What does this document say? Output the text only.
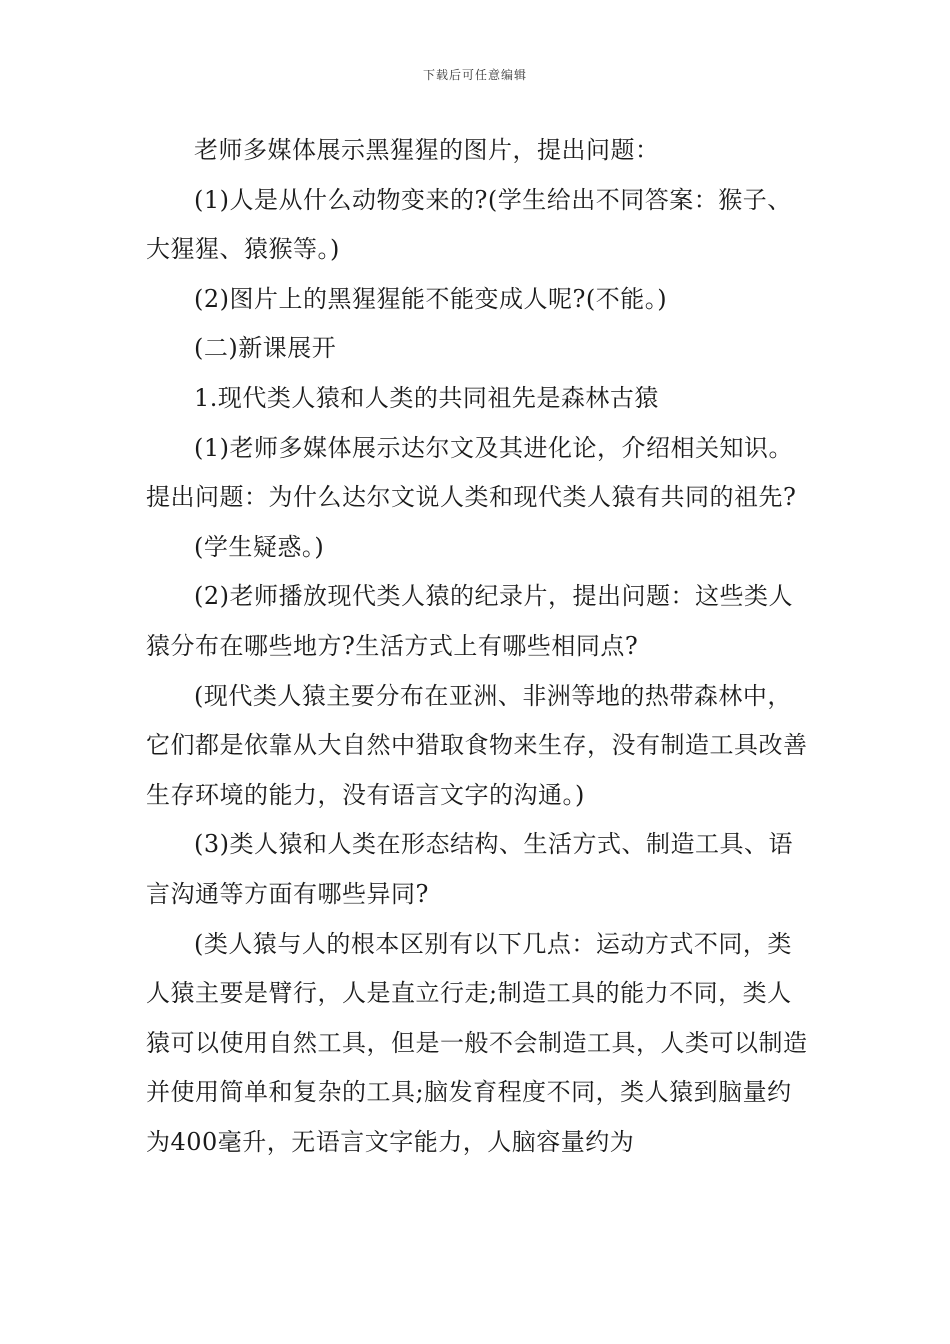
下载后可任意编辑

老师多媒体展示黑猩猩的图片，提出问题：

(1)人是从什么动物变来的?(学生给出不同答案：猴子、大猩猩、猿猴等。)

(2)图片上的黑猩猩能不能变成人呢?(不能。)

(二)新课展开

1.现代类人猿和人类的共同祖先是森林古猿

(1)老师多媒体展示达尔文及其进化论，介绍相关知识。提出问题：为什么达尔文说人类和现代类人猿有共同的祖先?

(学生疑惑。)

(2)老师播放现代类人猿的纪录片，提出问题：这些类人猿分布在哪些地方?生活方式上有哪些相同点?

(现代类人猿主要分布在亚洲、非洲等地的热带森林中，它们都是依靠从大自然中猎取食物来生存，没有制造工具改善生存环境的能力，没有语言文字的沟通。)

(3)类人猿和人类在形态结构、生活方式、制造工具、语言沟通等方面有哪些异同?

(类人猿与人的根本区别有以下几点：运动方式不同，类人猿主要是臂行，人是直立行走;制造工具的能力不同，类人猿可以使用自然工具，但是一般不会制造工具，人类可以制造并使用简单和复杂的工具;脑发育程度不同，类人猿到脑量约为400毫升，无语言文字能力，人脑容量约为
